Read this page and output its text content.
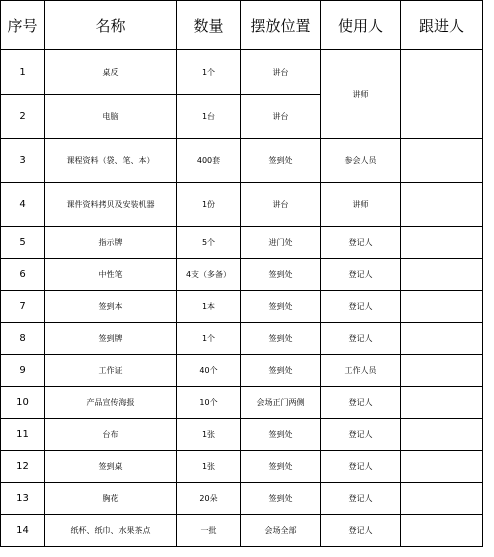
序号	名称	数量	摆放位置	使用人	跟进人
1	桌反	1个	讲台	讲师	
2	电脑	1台	讲台		
3	课程资料（袋、笔、本）	400套	签到处	参会人员	
4	课件资料拷贝及安装机器	1份	讲台	讲师	
5	指示牌	5个	进门处	登记人	
6	中性笔	4支（多备）	签到处	登记人	
7	签到本	1本	签到处	登记人	
8	签到牌	1个	签到处	登记人	
9	工作证	40个	签到处	工作人员	
10	产品宣传海报	10个	会场正门两侧	登记人	
11	台布	1张	签到处	登记人	
12	签到桌	1张	签到处	登记人	
13	胸花	20朵	签到处	登记人	
14	纸杯、纸巾、水果茶点	一批	会场全部	登记人	
